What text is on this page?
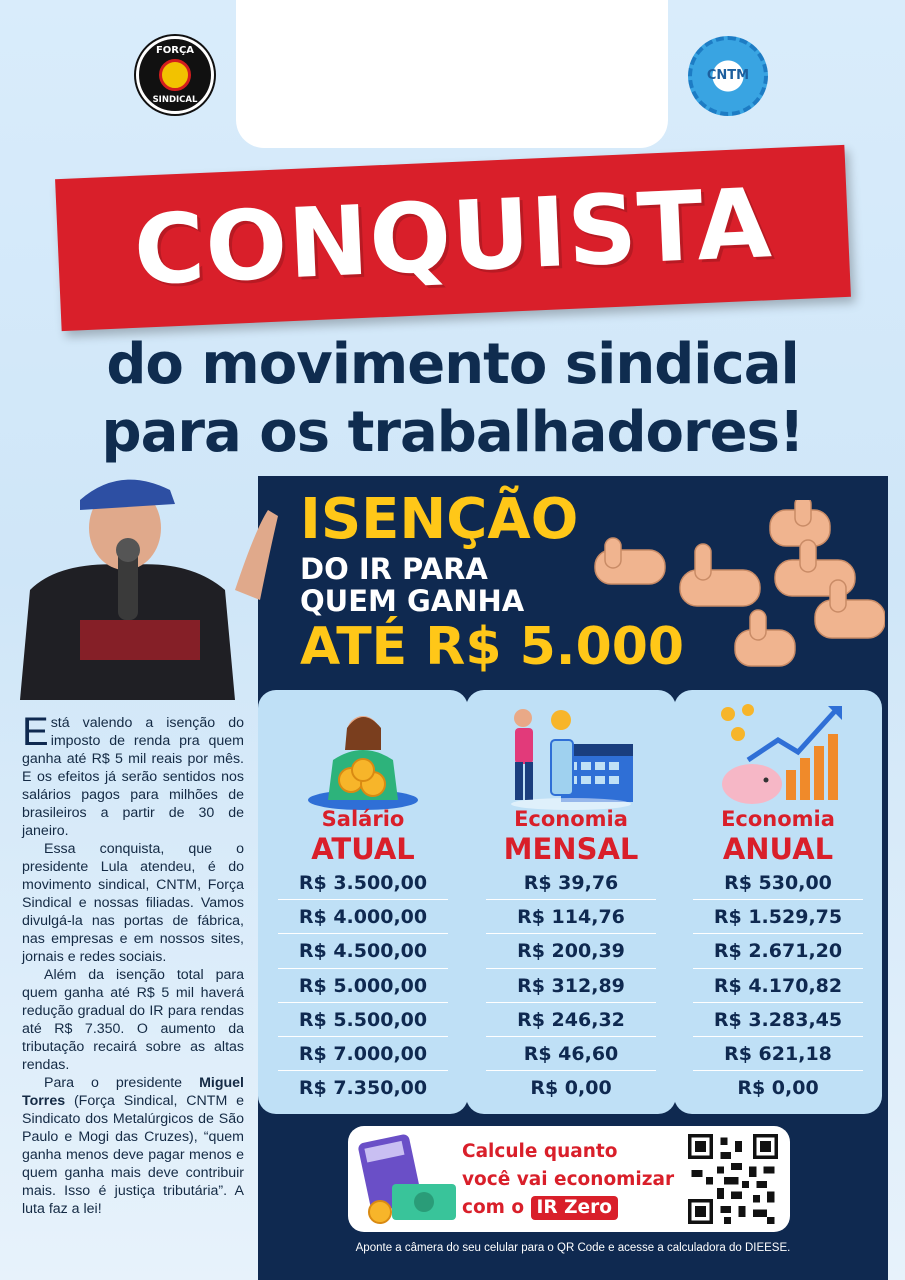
FORÇA
SINDICAL
CNTM
CONQUISTA
do movimento sindical
para os trabalhadores!
ISENÇÃO
DO IR PARA
QUEM GANHA
ATÉ R$ 5.000

Está valendo a isenção do imposto de renda pra quem ganha até R$ 5 mil reais por mês. E os efeitos já serão sentidos nos salários pagos para milhões de brasileiros a partir de 30 de janeiro.

Essa conquista, que o presidente Lula atendeu, é do movimento sindical, CNTM, Força Sindical e nossas filiadas. Vamos divulgá-la nas portas de fábrica, nas empresas e em nossos sites, jornais e redes sociais.

Além da isenção total para quem ganha até R$ 5 mil haverá redução gradual do IR para rendas até R$ 7.350. O aumento da tributação recairá sobre as altas rendas.

Para o presidente Miguel Torres (Força Sindical, CNTM e Sindicato dos Metalúrgicos de São Paulo e Mogi das Cruzes), “quem ganha menos deve pagar menos e quem ganha mais deve contribuir mais. Isso é justiça tributária”. A luta faz a lei!

Salário
ATUAL
R$ 3.500,00
R$ 4.000,00
R$ 4.500,00
R$ 5.000,00
R$ 5.500,00
R$ 7.000,00
R$ 7.350,00
Economia
MENSAL
R$ 39,76
R$ 114,76
R$ 200,39
R$ 312,89
R$ 246,32
R$ 46,60
R$ 0,00
Economia
ANUAL
R$ 530,00
R$ 1.529,75
R$ 2.671,20
R$ 4.170,82
R$ 3.283,45
R$ 621,18
R$ 0,00
Calcule quanto
você vai economizar
com o IR Zero
Aponte a câmera do seu celular para o QR Code e acesse a calculadora do DIEESE.
